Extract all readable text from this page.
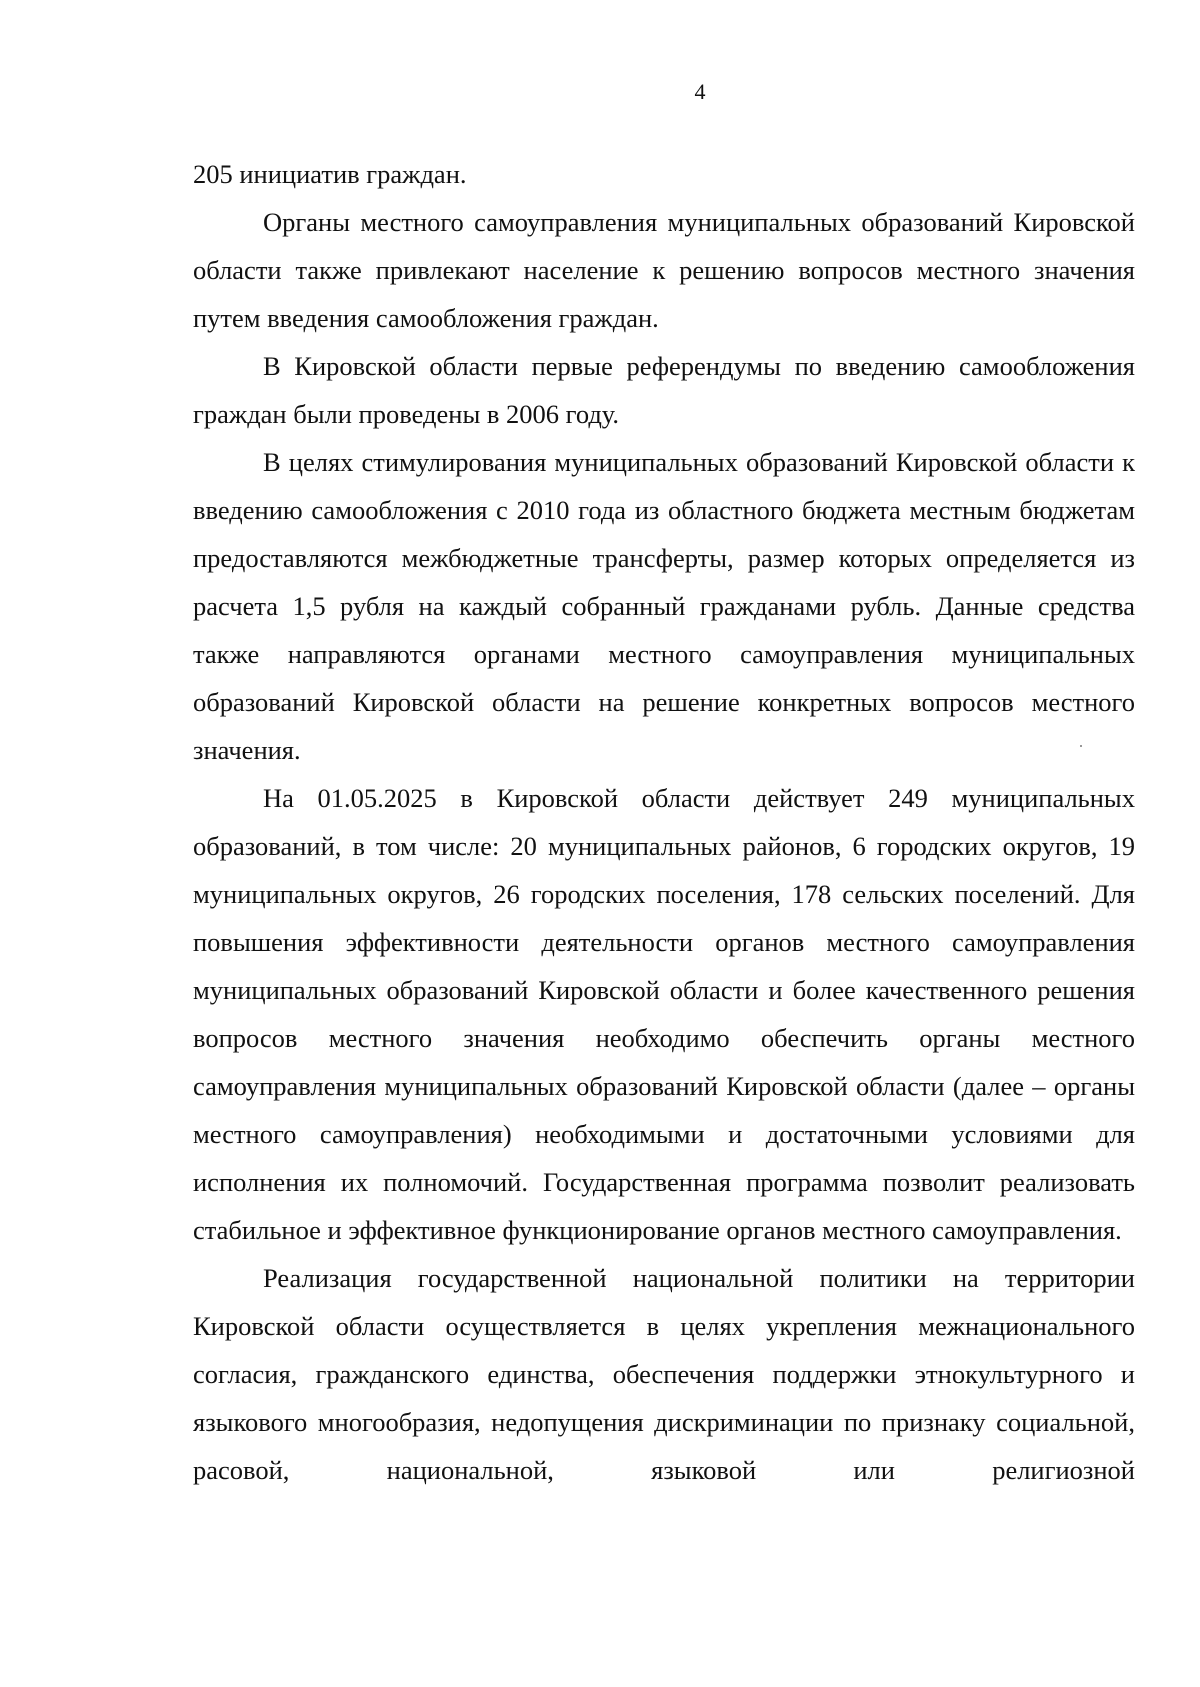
4

205 инициатив граждан.

Органы местного самоуправления муниципальных образований Кировской области также привлекают население к решению вопросов местного значения путем введения самообложения граждан.

В Кировской области первые референдумы по введению самообложения граждан были проведены в 2006 году.

В целях стимулирования муниципальных образований Кировской области к введению самообложения с 2010 года из областного бюджета местным бюджетам предоставляются межбюджетные трансферты, размер которых определяется из расчета 1,5 рубля на каждый собранный гражданами рубль. Данные средства также направляются органами местного самоуправления муниципальных образований Кировской области на решение конкретных вопросов местного значения.

На 01.05.2025 в Кировской области действует 249 муниципальных образований, в том числе: 20 муниципальных районов, 6 городских округов, 19 муниципальных округов, 26 городских поселения, 178 сельских поселений. Для повышения эффективности деятельности органов местного самоуправления муниципальных образований Кировской области и более качественного решения вопросов местного значения необходимо обеспечить органы местного самоуправления муниципальных образований Кировской области (далее – органы местного самоуправления) необходимыми и достаточными условиями для исполнения их полномочий. Государственная программа позволит реализовать стабильное и эффективное функционирование органов местного самоуправления.

Реализация государственной национальной политики на территории Кировской области осуществляется в целях укрепления межнационального согласия, гражданского единства, обеспечения поддержки этнокультурного и языкового многообразия, недопущения дискриминации по признаку социальной, расовой, национальной, языковой или религиозной
